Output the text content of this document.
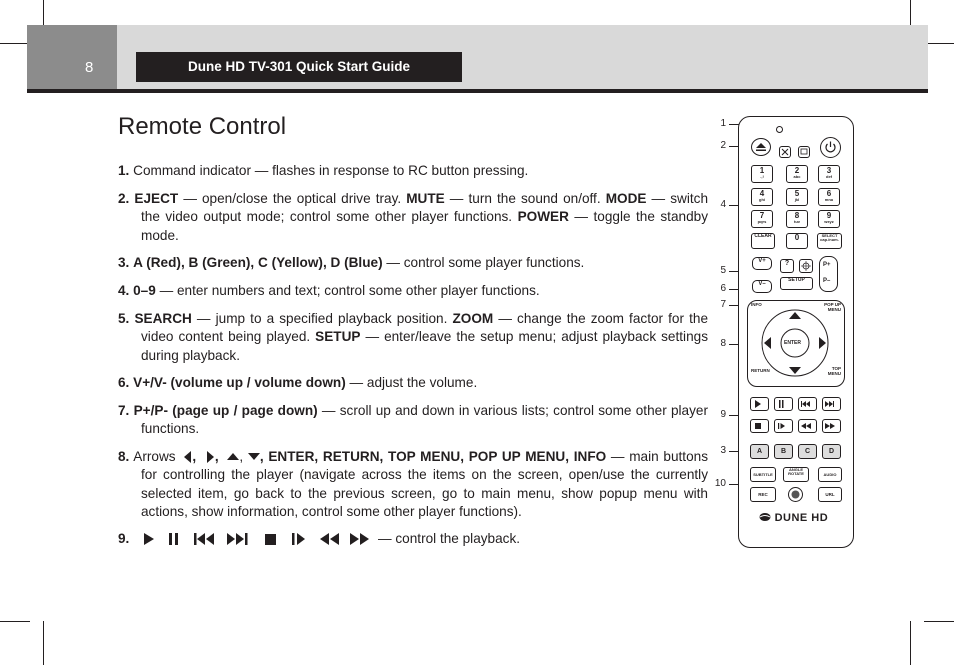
8	Dune HD TV-301 Quick Start Guide
Remote Control
1. Command indicator — flashes in response to RC button pressing.
2. EJECT — open/close the optical drive tray. MUTE — turn the sound on/off. MODE — switch the video output mode; control some other player functions. POWER — toggle the standby mode.
3. A (Red), B (Green), C (Yellow), D (Blue) — control some player functions.
4. 0–9 — enter numbers and text; control some other player functions.
5. SEARCH — jump to a specified playback position. ZOOM — change the zoom factor for the video content being played. SETUP — enter/leave the setup menu; adjust playback settings during playback.
6. V+/V- (volume up / volume down) — adjust the volume.
7. P+/P- (page up / page down) — scroll up and down in various lists; control some other player functions.
8. Arrows
, , ,
, ENTER, RETURN, TOP MENU, POP UP MENU, INFO — main buttons for controlling the player (navigate across the items on the screen, open/use the currently selected item, go back to the previous screen, go to main menu, show popup menu with actions, show information, control some other player functions).
9.	— control the playback.
1
2
4
5
6
7
8
9
3
10
1
.,!
2
abc
3
def
4
ghi
5
jkl
6
mno
7
pqrs
8
tuv
9
wxyz
CLEAR	0	SELECT
cap./num.
V+
V–
?
SETUP
P+
P–
INFO	POP UP MENU
ENTER
RETURN	TOP MENU
A	B	C	D
SUBTITLE
ANGLE ROTATE	AUDIO
REC	URL
DUNE HD
